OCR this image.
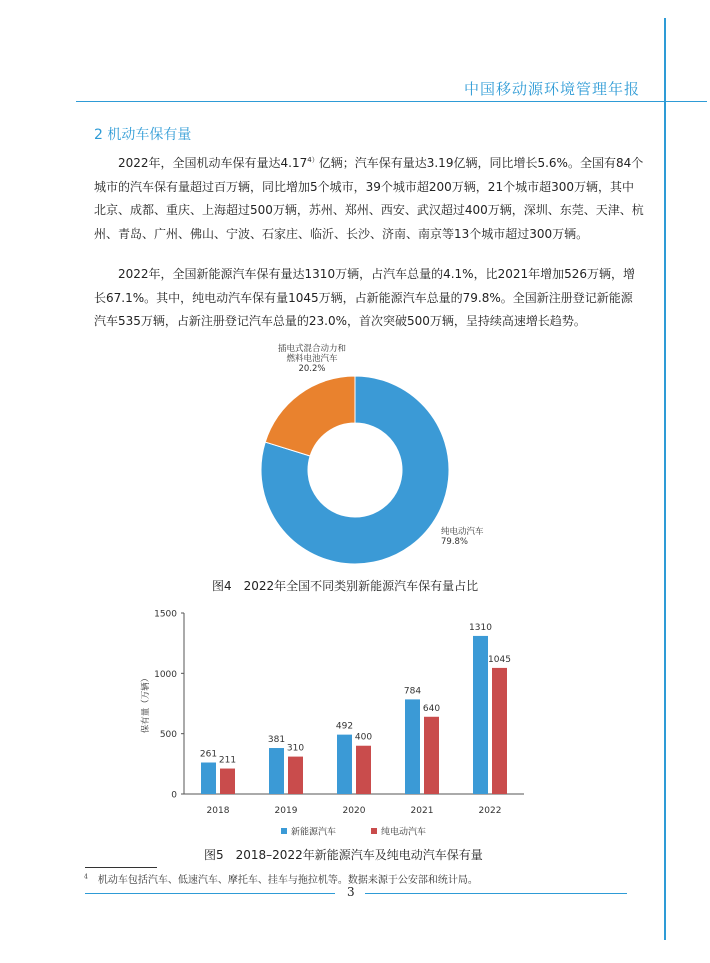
中国移动源环境管理年报
2 机动车保有量

2022年，全国机动车保有量达$4.17^{4)}$亿辆；汽车保有量达3.19亿辆，同比增长5.6%。全国有84个城市的汽车保有量超过百万辆，同比增加5个城市，39个城市超200万辆，21个城市超300万辆，其中北京、成都、重庆、上海超过500万辆，苏州、郑州、西安、武汉超过400万辆，深圳、东莞、天津、杭州、青岛、广州、佛山、宁波、石家庄、临沂、长沙、济南、南京等13个城市超过300万辆。

2022年，全国新能源汽车保有量达1310万辆，占汽车总量的4.1%，比2021年增加526万辆，增长67.1%。其中，纯电动汽车保有量1045万辆，占新能源汽车总量的79.8%。全国新注册登记新能源汽车535万辆，占新注册登记汽车总量的23.0%，首次突破500万辆，呈持续高速增长趋势。

纯电动汽车 79.8%
插电式混合动力和燃料电池汽车 20.2%
图4　2022年全国不同类别新能源汽车保有量占比
0
500
1000
1500
保有量（万辆）
261
211
2018
381
310
2019
492
400
2020
784
640
2021
1310
1045
2022
新能源汽车	纯电动汽车
图5　2018–2022年新能源汽车及纯电动汽车保有量
$^4$　 机动车包括汽车、低速汽车、摩托车、挂车与拖拉机等。数据来源于公安部和统计局。
3
